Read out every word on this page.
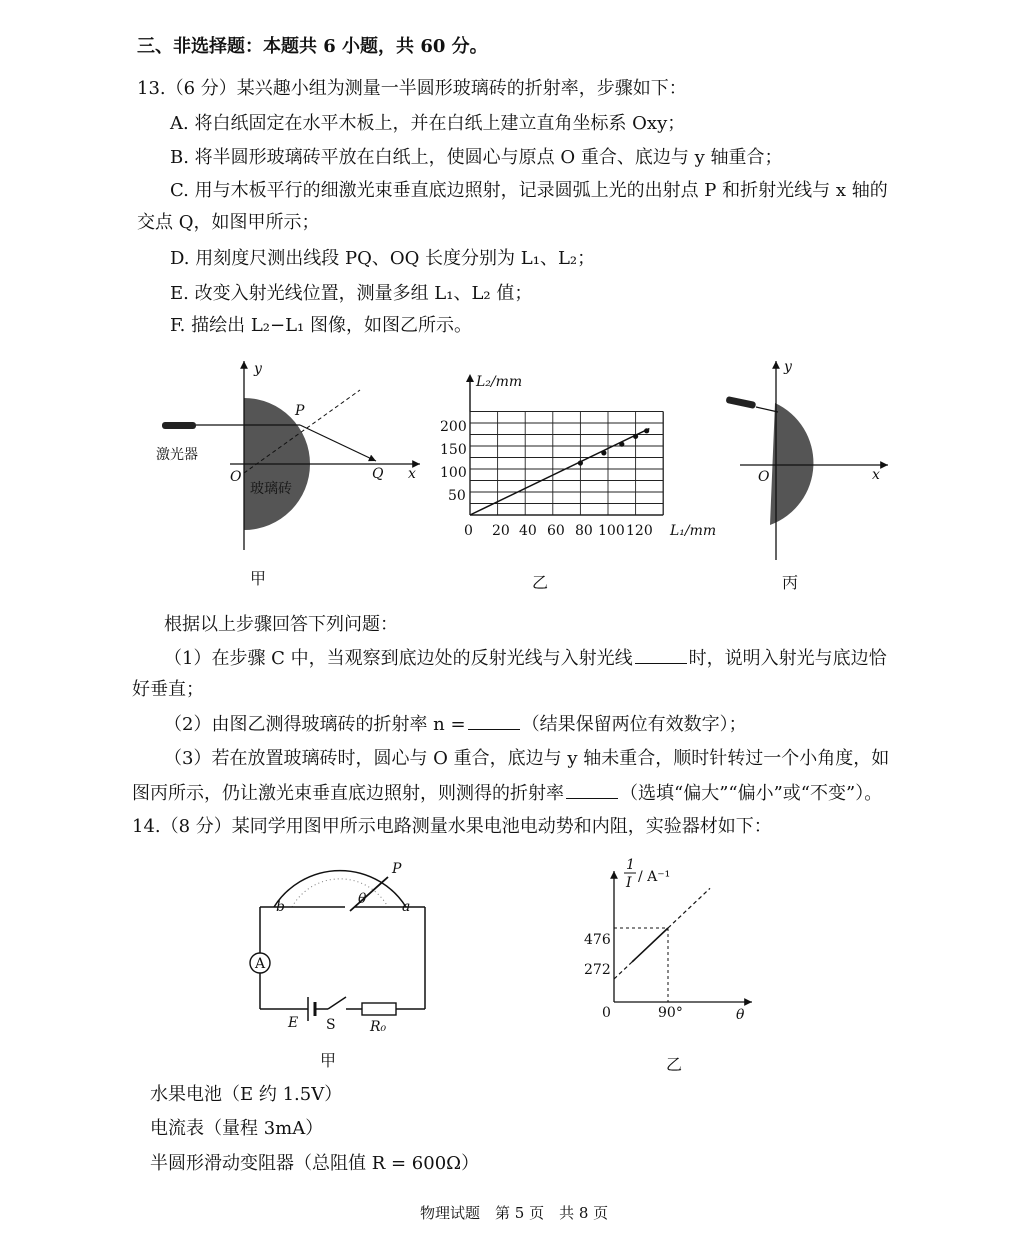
三、非选择题：本题共 6 小题，共 60 分。
13.（6 分）某兴趣小组为测量一半圆形玻璃砖的折射率，步骤如下：
A. 将白纸固定在水平木板上，并在白纸上建立直角坐标系 Oxy；
B. 将半圆形玻璃砖平放在白纸上，使圆心与原点 O 重合、底边与 y 轴重合；
C. 用与木板平行的细激光束垂直底边照射，记录圆弧上光的出射点 P 和折射光线与 x 轴的
交点 Q，如图甲所示；
D. 用刻度尺测出线段 PQ、OQ 长度分别为 L₁、L₂；
E. 改变入射光线位置，测量多组 L₁、L₂ 值；
F. 描绘出 L₂−L₁ 图像，如图乙所示。
y
x
O
P
Q
激光器
玻璃砖
甲
L₂/mm
L₁/mm
200
150
100
50
0 20 40 60 80 100 120
乙
y
x
O
丙
根据以上步骤回答下列问题：
（1）在步骤 C 中，当观察到底边处的反射光线与入射光线	时，说明入射光与底边恰
好垂直；
（2）由图乙测得玻璃砖的折射率 n =	（结果保留两位有效数字）；
（3）若在放置玻璃砖时，圆心与 O 重合，底边与 y 轴未重合，顺时针转过一个小角度，如
图丙所示，仍让激光束垂直底边照射，则测得的折射率	（选填“偏大”“偏小”或“不变”）。
14.（8 分）某同学用图甲所示电路测量水果电池电动势和内阻，实验器材如下：
A
P
θ	a
b
E S R₀
甲
1
I / A⁻¹
476
272
0	90°	θ
乙
水果电池（E 约 1.5V）
电流表（量程 3mA）
半圆形滑动变阻器（总阻值 R = 600Ω）
物理试题　第 5 页　共 8 页
